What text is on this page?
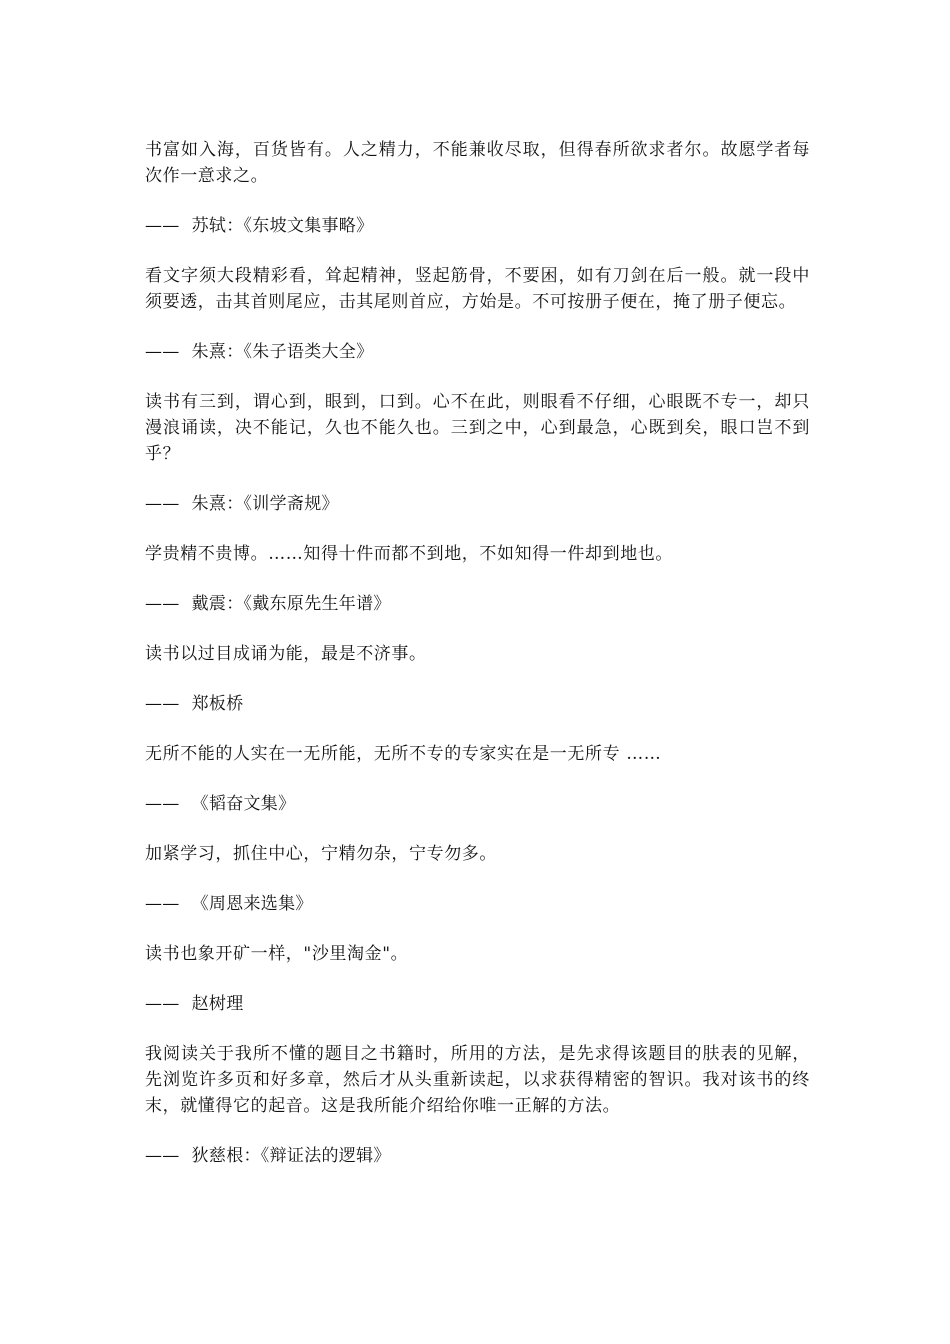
书富如入海，百货皆有。人之精力，不能兼收尽取，但得春所欲求者尔。故愿学者每次作一意求之。

—— 苏轼：《东坡文集事略》

看文字须大段精彩看，耸起精神，竖起筋骨，不要困，如有刀剑在后一般。就一段中须要透，击其首则尾应，击其尾则首应，方始是。不可按册子便在，掩了册子便忘。

—— 朱熹：《朱子语类大全》

读书有三到，谓心到，眼到，口到。心不在此，则眼看不仔细，心眼既不专一，却只漫浪诵读，决不能记，久也不能久也。三到之中，心到最急，心既到矣，眼口岂不到乎？

—— 朱熹：《训学斋规》

学贵精不贵博。……知得十件而都不到地，不如知得一件却到地也。

—— 戴震：《戴东原先生年谱》

读书以过目成诵为能，最是不济事。

—— 郑板桥

无所不能的人实在一无所能，无所不专的专家实在是一无所专 ……

—— 《韬奋文集》

加紧学习，抓住中心，宁精勿杂，宁专勿多。

—— 《周恩来选集》

读书也象开矿一样，"沙里淘金"。

—— 赵树理

我阅读关于我所不懂的题目之书籍时，所用的方法，是先求得该题目的肤表的见解，先浏览许多页和好多章，然后才从头重新读起，以求获得精密的智识。我对该书的终末，就懂得它的起音。这是我所能介绍给你唯一正解的方法。

—— 狄慈根：《辩证法的逻辑》
